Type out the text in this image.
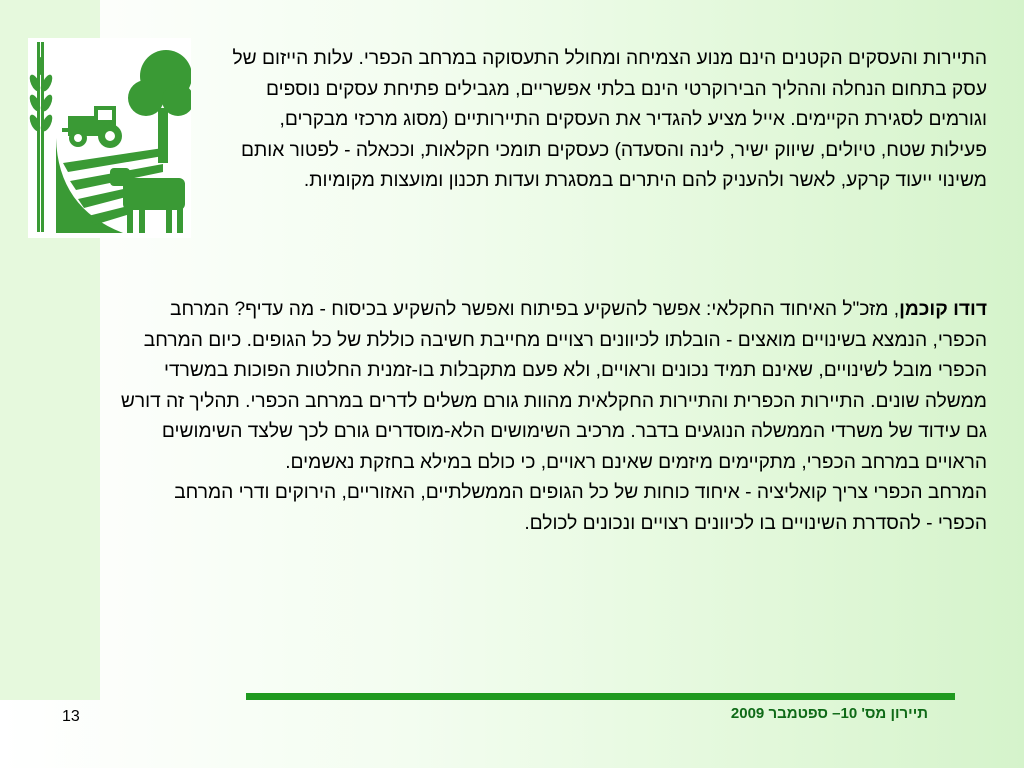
התיירות והעסקים הקטנים הינם מנוע הצמיחה ומחולל התעסוקה במרחב הכפרי. עלות הייזום של עסק בתחום הנחלה וההליך הבירוקרטי הינם בלתי אפשריים, מגבילים פתיחת עסקים נוספים וגורמים לסגירת הקיימים. אייל מציע להגדיר את העסקים התיירותיים (מסוג מרכזי מבקרים, פעילות שטח, טיולים, שיווק ישיר, לינה והסעדה) כעסקים תומכי חקלאות, וככאלה - לפטור אותם משינוי ייעוד קרקע, לאשר ולהעניק להם היתרים במסגרת ועדות תכנון ומועצות מקומיות.

דודו קוכמן, מזכ"ל האיחוד החקלאי: אפשר להשקיע בפיתוח ואפשר להשקיע בכיסוח - מה עדיף? המרחב הכפרי, הנמצא בשינויים מואצים - הובלתו לכיוונים רצויים מחייבת חשיבה כוללת של כל הגופים. כיום המרחב הכפרי מובל לשינויים, שאינם תמיד נכונים וראויים, ולא פעם מתקבלות בו-זמנית החלטות הפוכות במשרדי ממשלה שונים. התיירות הכפרית והתיירות החקלאית מהוות גורם משלים לדרים במרחב הכפרי. תהליך זה דורש גם עידוד של משרדי הממשלה הנוגעים בדבר. מרכיב השימושים הלא-מוסדרים גורם לכך שלצד השימושים הראויים במרחב הכפרי, מתקיימים מיזמים שאינם ראויים, כי כולם במילא בחזקת נאשמים.
המרחב הכפרי צריך קואליציה - איחוד כוחות של כל הגופים הממשלתיים, האזוריים, הירוקים ודרי המרחב הכפרי - להסדרת השינויים בו לכיוונים רצויים ונכונים לכולם.

תיירון מס' 10– ספטמבר 2009
13
